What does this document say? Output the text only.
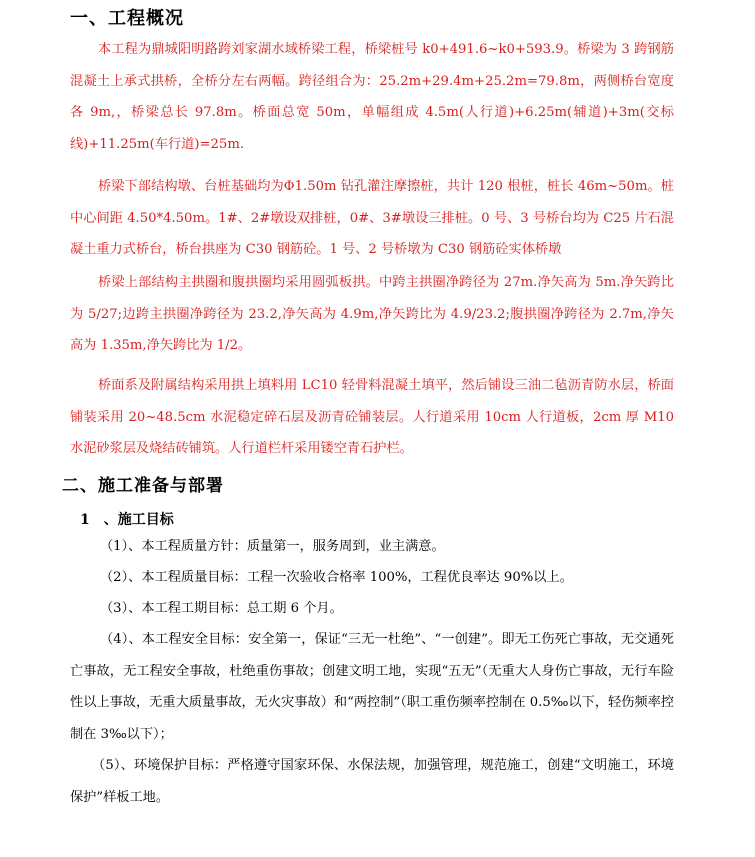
一、工程概况
本工程为鼎城阳明路跨刘家湖水域桥梁工程，桥梁桩号 k0+491.6~k0+593.9。桥梁为 3 跨钢筋混凝土上承式拱桥，全桥分左右两幅。跨径组合为：25.2m+29.4m+25.2m=79.8m，两侧桥台宽度各 9m,，桥梁总长 97.8m。桥面总宽 50m，单幅组成 4.5m(人行道)+6.25m(辅道)+3m(交标线)+11.25m(车行道)=25m.
桥梁下部结构墩、台桩基础均为Φ1.50m 钻孔灌注摩擦桩，共计 120 根桩，桩长 46m~50m。桩中心间距 4.50*4.50m。1#、2#墩设双排桩，0#、3#墩设三排桩。0 号、3 号桥台均为 C25 片石混凝土重力式桥台，桥台拱座为 C30 钢筋砼。1 号、2 号桥墩为 C30 钢筋砼实体桥墩
桥梁上部结构主拱圈和腹拱圈均采用圆弧板拱。中跨主拱圈净跨径为 27m.净矢高为 5m.净矢跨比为 5/27;边跨主拱圈净跨径为 23.2,净矢高为 4.9m,净矢跨比为 4.9/23.2;腹拱圈净跨径为 2.7m,净矢高为 1.35m,净矢跨比为 1/2。
桥面系及附属结构采用拱上填料用 LC10 轻骨料混凝土填平，然后铺设三油二毡沥青防水层，桥面铺装采用 20~48.5cm 水泥稳定碎石层及沥青砼铺装层。人行道采用 10cm 人行道板，2cm 厚 M10 水泥砂浆层及烧结砖铺筑。人行道栏杆采用镂空青石护栏。
二、施工准备与部署
1　、施工目标
（1）、本工程质量方针：质量第一，服务周到，业主满意。
（2）、本工程质量目标：工程一次验收合格率 100%，工程优良率达 90%以上。
（3）、本工程工期目标：总工期 6 个月。
（4）、本工程安全目标：安全第一，保证“三无一杜绝”、“一创建”。即无工伤死亡事故，无交通死亡事故，无工程安全事故，杜绝重伤事故；创建文明工地，实现“五无”（无重大人身伤亡事故，无行车险性以上事故，无重大质量事故，无火灾事故）和“两控制”（职工重伤频率控制在 0.5‰以下，轻伤频率控制在 3‰以下）；
（5）、环境保护目标：严格遵守国家环保、水保法规，加强管理，规范施工，创建“文明施工，环境保护”样板工地。
